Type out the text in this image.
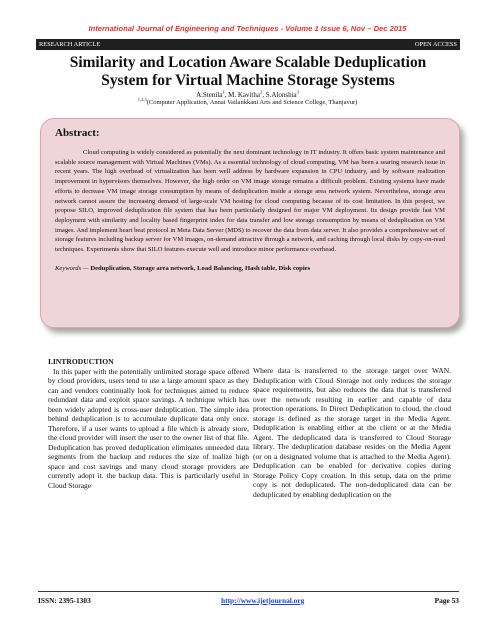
International Journal of Engineering and Techniques - Volume 1 Issue 6, Nov – Dec 2015
RESEARCH ARTICLE	OPEN ACCESS
Similarity and Location Aware Scalable Deduplication
System for Virtual Machine Storage Systems
A.Stenila$^1$, M. Kavitha$^2$, S.Alonshia$^3$
$^{1,2,3}$(Computer Application, Annai Vailankkani Arts and Science College, Thanjavur)
Abstract:
Cloud computing is widely considered as potentially the next dominant technology in IT industry. It offers basic system maintenance and scalable source management with Virtual Machines (VMs). As a essential technology of cloud computing, VM has been a searing research issue in recent years. The high overhead of virtualization has been well address by hardware expansion in CPU industry, and by software realization improvement in hypervisors themselves. However, the high order on VM image storage remains a difficult problem. Existing systems have made efforts to decrease VM image storage consumption by means of deduplication inside a storage area network system. Nevertheless, storage area network cannot assure the increasing demand of large-scale VM hosting for cloud computing because of its cost limitation. In this project, we propose SILO, improved deduplication file system that has been particularly designed for major VM deployment. Its design provide fast VM deployment with similarity and locality based fingerprint index for data transfer and low storage consumption by means of deduplication on VM images. And implement heart beat protocol in Meta Data Server (MDS) to recover the data from data server. It also provides a comprehensive set of storage features including backup server for VM images, on-demand attractive through a network, and caching through local disks by copy-on-read techniques. Experiments show that SILO features execute well and introduce minor performance overhead.
Keywords — Deduplication, Storage area network, Load Balancing, Hash table, Disk copies
I.INTRODUCTION
In this paper with the potentially unlimited storage space offered by cloud providers, users tend to use a large amount space as they can and vendors continually look for techniques aimed to reduce redundant data and exploit space savings. A technique which has been widely adopted is cross-user deduplication. The simple idea behind deduplication is to accumulate duplicate data only once. Therefore, if a user wants to upload a file which is already store, the cloud provider will insert the user to the owner list of that file. Deduplication has proved deduplication eliminates unneeded data segments from the backup and reduces the size of toalize high space and cost savings and many cloud storage providers are currently adopt it. the backup data. This is particularly useful in Cloud Storage
Where data is transferred to the storage target over WAN. Deduplication with Cloud Storage not only reduces the storage space requirements, but also reduces the data that is transferred over the network resulting in earlier and capable of data protection operations. In Direct Deduplication to cloud, the cloud storage is defined as the storage target in the Media Agent. Deduplication is enabling either at the client or at the Media Agent. The deduplicated data is transferred to Cloud Storage library. The deduplication database resides on the Media Agent (or on a designated volume that is attached to the Media Agent). Deduplication can be enabled for derivative copies during Storage Policy Copy creation. In this setup, data on the prime copy is not deduplicated. The non-deduplicated data can be deduplicated by enabling deduplication on the
ISSN: 2395-1303	http://www.ijetjournal.org	Page 53
